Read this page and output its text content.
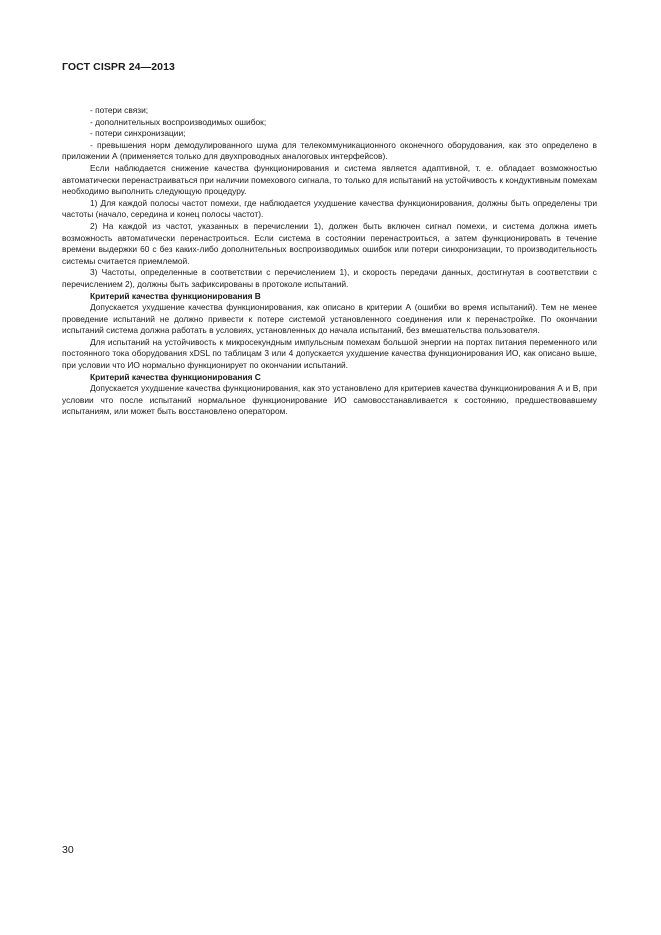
ГОСТ CISPR 24—2013

- потери связи;

- дополнительных воспроизводимых ошибок;

- потери синхронизации;

- превышения норм демодулированного шума для телекоммуникационного оконечного оборудования, как это определено в приложении А (применяется только для двухпроводных аналоговых интерфейсов).

Если наблюдается снижение качества функционирования и система является адаптивной, т. е. обладает возможностью автоматически перенастраиваться при наличии помехового сигнала, то только для испытаний на устойчивость к кондуктивным помехам необходимо выполнить следующую процедуру.

1) Для каждой полосы частот помехи, где наблюдается ухудшение качества функционирования, должны быть определены три частоты (начало, середина и конец полосы частот).

2) На каждой из частот, указанных в перечислении 1), должен быть включен сигнал помехи, и система должна иметь возможность автоматически перенастроиться. Если система в состоянии перенастроиться, а затем функционировать в течение времени выдержки 60 с без каких-либо дополнительных воспроизводимых ошибок или потери синхронизации, то производительность системы считается приемлемой.

3) Частоты, определенные в соответствии с перечислением 1), и скорость передачи данных, достигнутая в соответствии с перечислением 2), должны быть зафиксированы в протоколе испытаний.

Критерий качества функционирования В

Допускается ухудшение качества функционирования, как описано в критерии А (ошибки во время испытаний). Тем не менее проведение испытаний не должно привести к потере системой установленного соединения или к перенастройке. По окончании испытаний система должна работать в условиях, установленных до начала испытаний, без вмешательства пользователя.

Для испытаний на устойчивость к микросекундным импульсным помехам большой энергии на портах питания переменного или постоянного тока оборудования xDSL по таблицам 3 или 4 допускается ухудшение качества функционирования ИО, как описано выше, при условии что ИО нормально функционирует по окончании испытаний.

Критерий качества функционирования С

Допускается ухудшение качества функционирования, как это установлено для критериев качества функционирования А и В, при условии что после испытаний нормальное функционирование ИО самовосстанавливается к состоянию, предшествовавшему испытаниям, или может быть восстановлено оператором.

30
